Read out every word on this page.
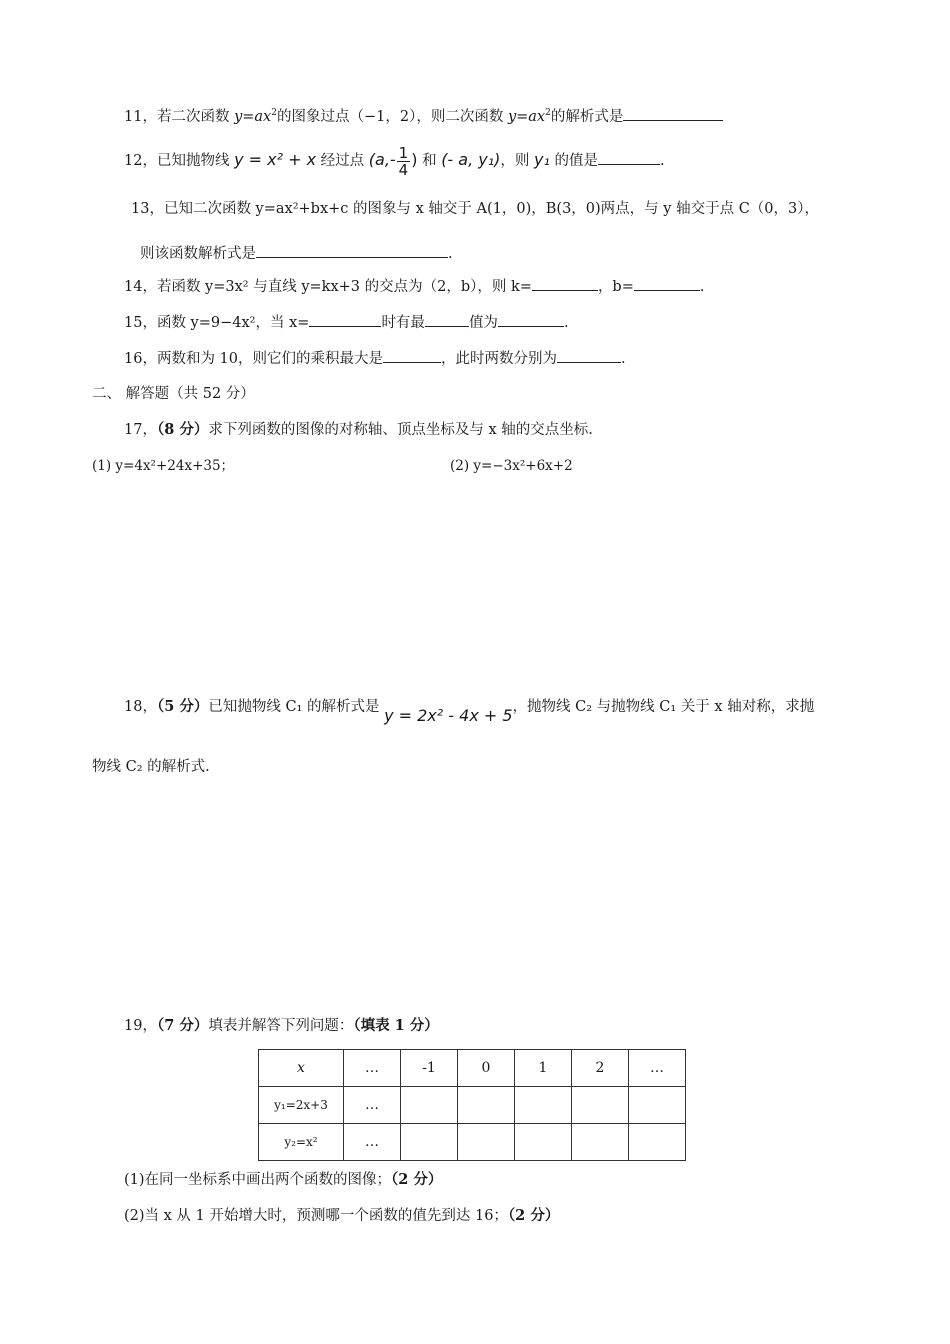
11，若二次函数 $y=ax^2$的图象过点（−1，2），则二次函数 $y=ax^2$的解析式是
12，已知抛物线 y = x² + x 经过点 ($a,- \frac{1}{4}$ ) 和 (- a, y₁)，则 y₁ 的值是	.
13，已知二次函数 y=ax²+bx+c 的图象与 x 轴交于 A(1，0)，B(3，0)两点，与 y 轴交于点 C（0，3），
则该函数解析式是	.
14，若函数 y=3x² 与直线 y=kx+3 的交点为（2，b），则 k=	，b=	.
15，函数 y=9−4x²，当 x=	时有最	值为	.
16，两数和为 10，则它们的乘积最大是	，此时两数分别为	.
二、 解答题（共 52 分）
17，（8 分）求下列函数的图像的对称轴、顶点坐标及与 x 轴的交点坐标.
(1) y=4x²+24x+35；	(2) y=−3x²+6x+2
18，（5 分）已知抛物线 C₁ 的解析式是 y = 2x² - 4x + 5，抛物线 C₂ 与抛物线 C₁ 关于 x 轴对称，求抛
物线 C₂ 的解析式.
19，（7 分）填表并解答下列问题：（填表 1 分）
x	…	-1	0	1	2	…
y₁=2x+3	…					
y₂=x²	…					
(1)在同一坐标系中画出两个函数的图像；（2 分）
(2)当 x 从 1 开始增大时，预测哪一个函数的值先到达 16；（2 分）
